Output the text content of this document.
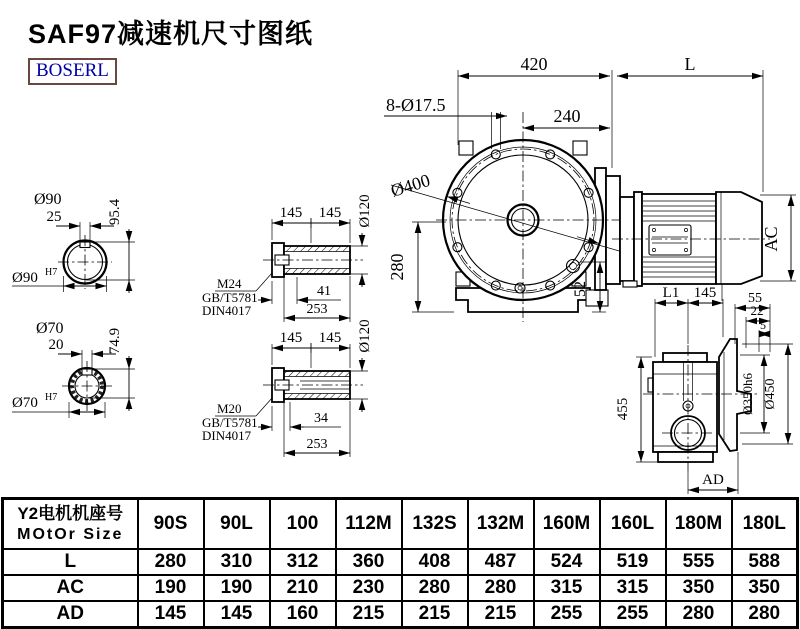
SAF97减速机尺寸图纸
BOSERL	420	L
8-Ø17.5
240
Ø400
280
52
AC
Ø90
25	95.4
Ø90 H7
Ø70
20	74.9
Ø70 H7
145 145 Ø120
M24
GB/T5781
DIN4017
41
253
145 145 Ø120
M20
GB/T5781
DIN4017
34
253
L1 145 55
22
5
455	Ø350h6 Ø450
AD
Y2电机机座号
MOtOr Size	90S	90L	100	112M	132S	132M	160M	160L	180M	180L
L	280	310	312	360	408	487	524	519	555	588
AC	190	190	210	230	280	280	315	315	350	350
AD	145	145	160	215	215	215	255	255	280	280
